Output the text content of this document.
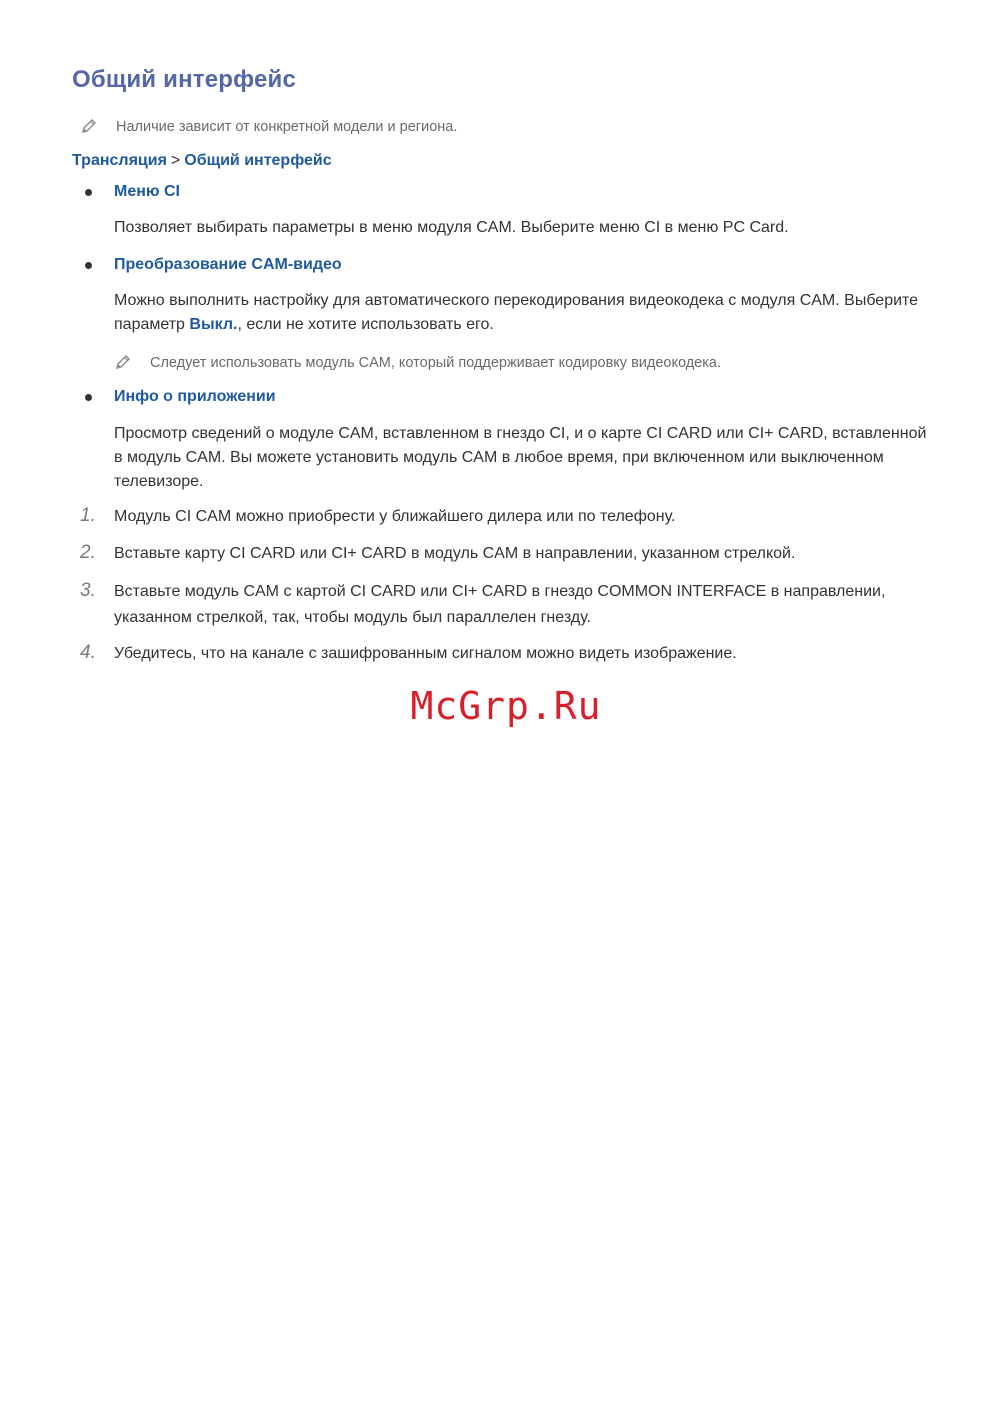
Общий интерфейс
Наличие зависит от конкретной модели и региона.
Трансляция > Общий интерфейс
Меню CI

Позволяет выбирать параметры в меню модуля CAM. Выберите меню CI в меню PC Card.

Преобразование CAM-видео

Можно выполнить настройку для автоматического перекодирования видеокодека с модуля CAM. Выберите параметр Выкл., если не хотите использовать его.

Следует использовать модуль CAM, который поддерживает кодировку видеокодека.
Инфо о приложении

Просмотр сведений о модуле CAM, вставленном в гнездо CI, и о карте CI CARD или CI+ CARD, вставленной в модуль CAM. Вы можете установить модуль CAM в любое время, при включенном или выключенном телевизоре.

1.	Модуль CI CAM можно приобрести у ближайшего дилера или по телефону.
2.	Вставьте карту CI CARD или CI+ CARD в модуль CAM в направлении, указанном стрелкой.
3.	Вставьте модуль CAM с картой CI CARD или CI+ CARD в гнездо COMMON INTERFACE в направлении, указанном стрелкой, так, чтобы модуль был параллелен гнезду.
4.	Убедитесь, что на канале с зашифрованным сигналом можно видеть изображение.
McGrp.Ru
